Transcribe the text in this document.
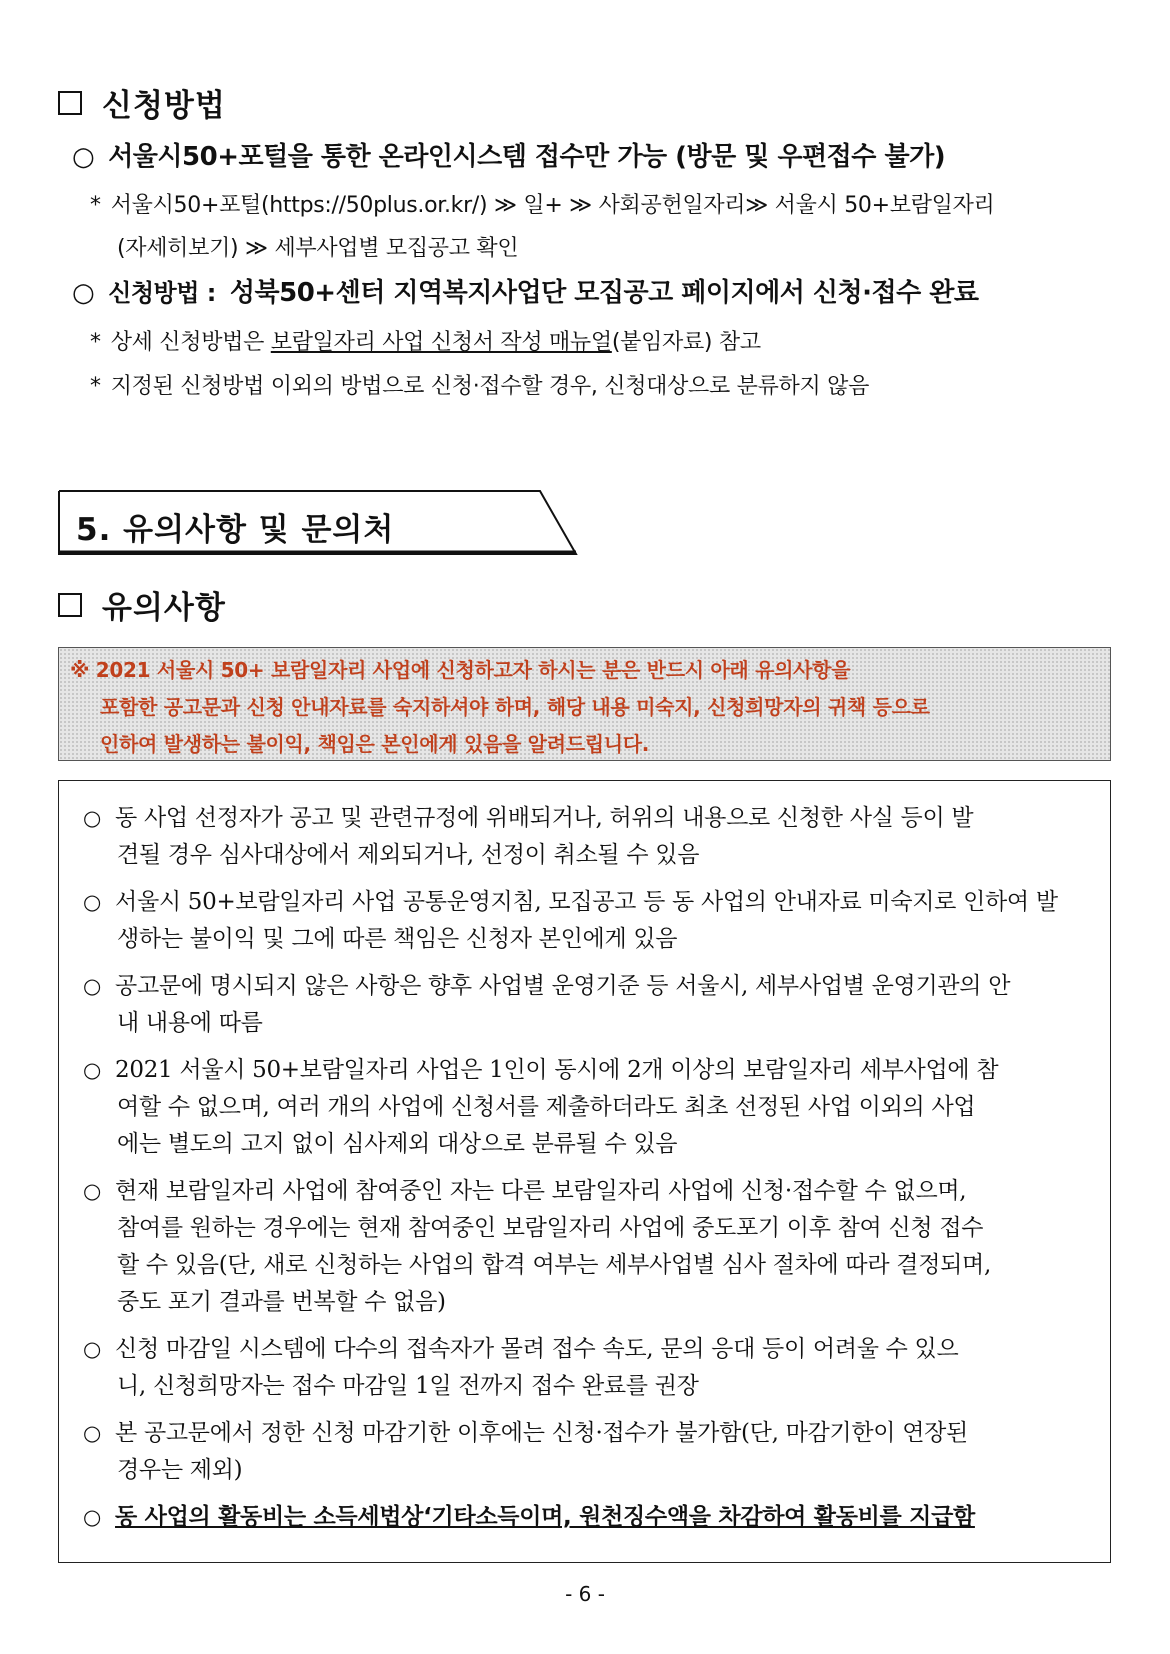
신청방법
○ 서울시50+포털을 통한 온라인시스템 접수만 가능 (방문 및 우편접수 불가)
* 서울시50+포털(https://50plus.or.kr/) ≫ 일+ ≫ 사회공헌일자리≫ 서울시 50+보람일자리
(자세히보기) ≫ 세부사업별 모집공고 확인
○ 신청방법 : 성북50+센터 지역복지사업단 모집공고 페이지에서 신청·접수 완료
* 상세 신청방법은 보람일자리 사업 신청서 작성 매뉴얼(붙임자료) 참고
* 지정된 신청방법 이외의 방법으로 신청·접수할 경우, 신청대상으로 분류하지 않음
5. 유의사항 및 문의처
유의사항
※ 2021 서울시 50+ 보람일자리 사업에 신청하고자 하시는 분은 반드시 아래 유의사항을
포함한 공고문과 신청 안내자료를 숙지하셔야 하며, 해당 내용 미숙지, 신청희망자의 귀책 등으로
인하여 발생하는 불이익, 책임은 본인에게 있음을 알려드립니다.
○ 동 사업 선정자가 공고 및 관련규정에 위배되거나, 허위의 내용으로 신청한 사실 등이 발
견될 경우 심사대상에서 제외되거나, 선정이 취소될 수 있음
○ 서울시 50+보람일자리 사업 공통운영지침, 모집공고 등 동 사업의 안내자료 미숙지로 인하여 발
생하는 불이익 및 그에 따른 책임은 신청자 본인에게 있음
○ 공고문에 명시되지 않은 사항은 향후 사업별 운영기준 등 서울시, 세부사업별 운영기관의 안
내 내용에 따름
○ 2021 서울시 50+보람일자리 사업은 1인이 동시에 2개 이상의 보람일자리 세부사업에 참
여할 수 없으며, 여러 개의 사업에 신청서를 제출하더라도 최초 선정된 사업 이외의 사업
에는 별도의 고지 없이 심사제외 대상으로 분류될 수 있음
○ 현재 보람일자리 사업에 참여중인 자는 다른 보람일자리 사업에 신청·접수할 수 없으며,
참여를 원하는 경우에는 현재 참여중인 보람일자리 사업에 중도포기 이후 참여 신청 접수
할 수 있음(단, 새로 신청하는 사업의 합격 여부는 세부사업별 심사 절차에 따라 결정되며,
중도 포기 결과를 번복할 수 없음)
○ 신청 마감일 시스템에 다수의 접속자가 몰려 접수 속도, 문의 응대 등이 어려울 수 있으
니, 신청희망자는 접수 마감일 1일 전까지 접수 완료를 권장
○ 본 공고문에서 정한 신청 마감기한 이후에는 신청·접수가 불가함(단, 마감기한이 연장된
경우는 제외)
○ 동 사업의 활동비는 소득세법상‘기타소득이며, 원천징수액을 차감하여 활동비를 지급함
- 6 -
